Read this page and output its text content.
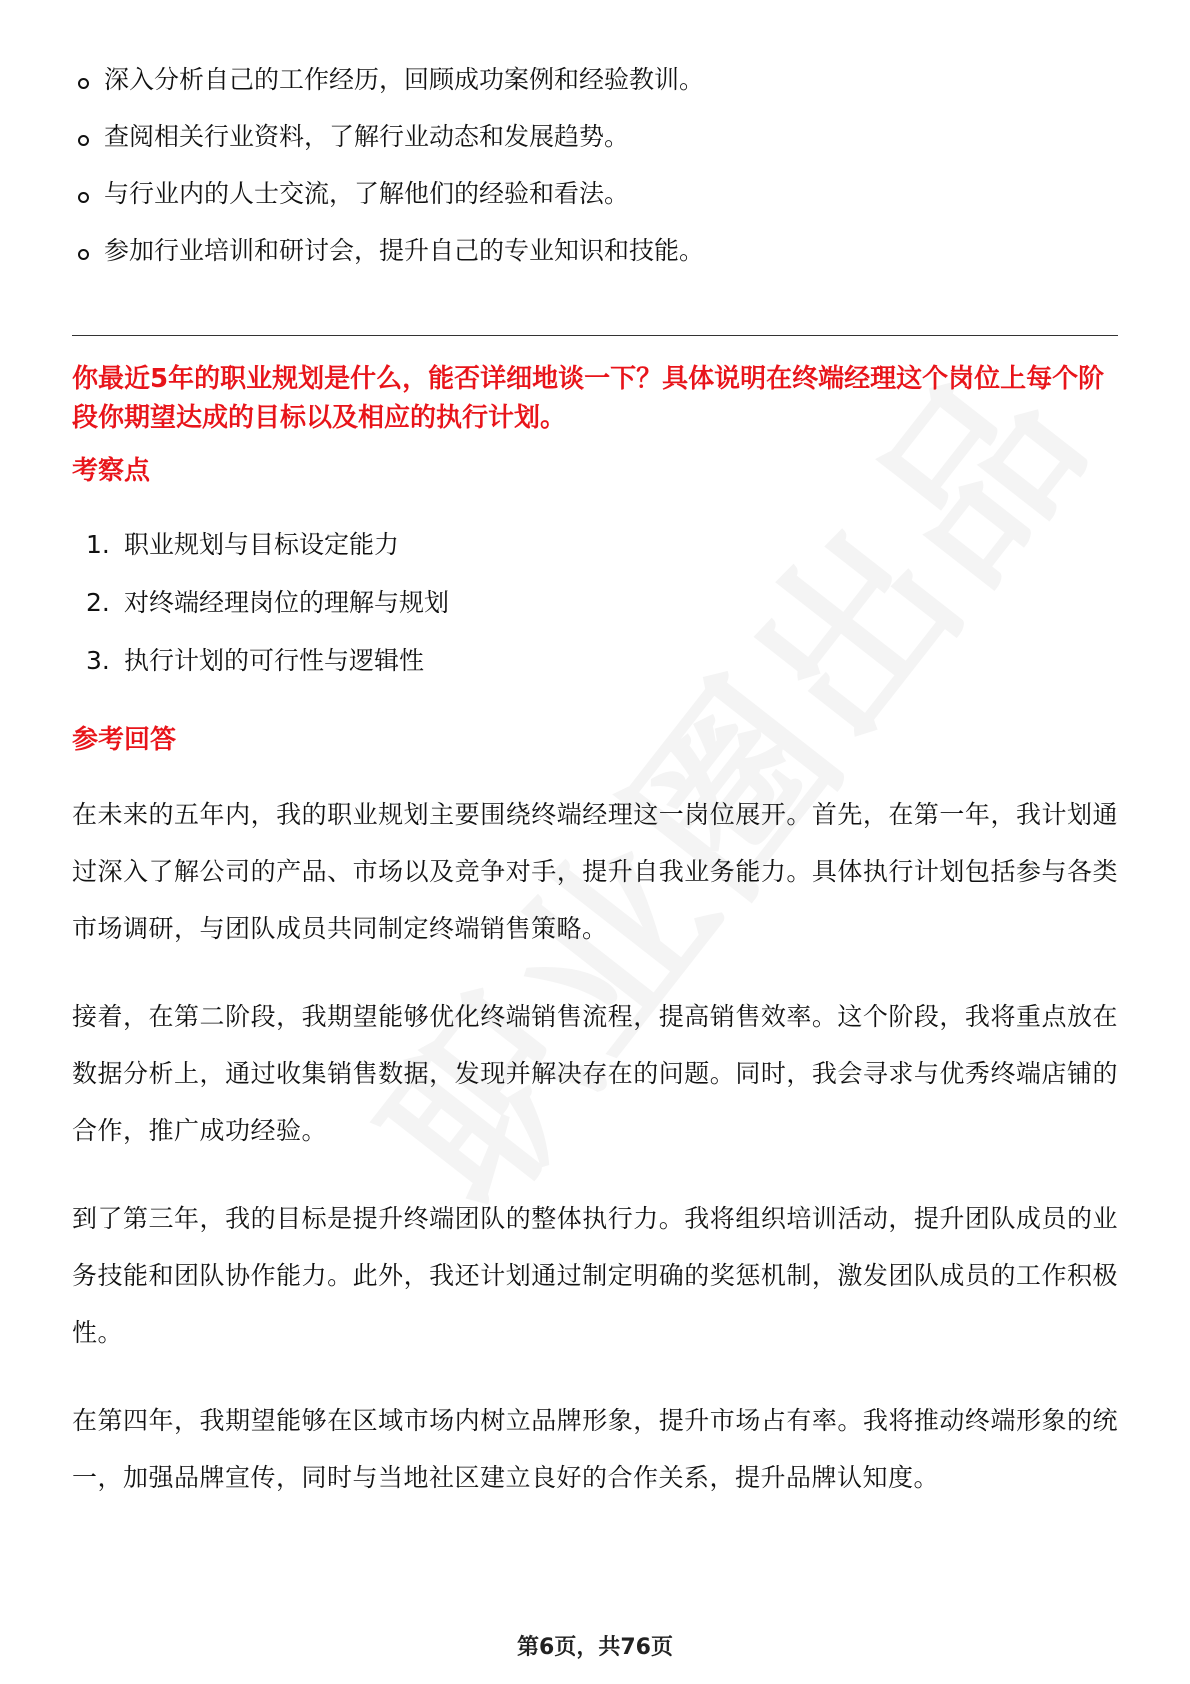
深入分析自己的工作经历，回顾成功案例和经验教训。
查阅相关行业资料，了解行业动态和发展趋势。
与行业内的人士交流，了解他们的经验和看法。
参加行业培训和研讨会，提升自己的专业知识和技能。

你最近5年的职业规划是什么，能否详细地谈一下？具体说明在终端经理这个岗位上每个阶段你期望达成的目标以及相应的执行计划。

考察点
1. 职业规划与目标设定能力
2. 对终端经理岗位的理解与规划
3. 执行计划的可行性与逻辑性
参考回答

在未来的五年内，我的职业规划主要围绕终端经理这一岗位展开。首先，在第一年，我计划通过深入了解公司的产品、市场以及竞争对手，提升自我业务能力。具体执行计划包括参与各类市场调研，与团队成员共同制定终端销售策略。

接着，在第二阶段，我期望能够优化终端销售流程，提高销售效率。这个阶段，我将重点放在数据分析上，通过收集销售数据，发现并解决存在的问题。同时，我会寻求与优秀终端店铺的合作，推广成功经验。

到了第三年，我的目标是提升终端团队的整体执行力。我将组织培训活动，提升团队成员的业务技能和团队协作能力。此外，我还计划通过制定明确的奖惩机制，激发团队成员的工作积极性。

在第四年，我期望能够在区域市场内树立品牌形象，提升市场占有率。我将推动终端形象的统一，加强品牌宣传，同时与当地社区建立良好的合作关系，提升品牌认知度。

第6页，共76页
